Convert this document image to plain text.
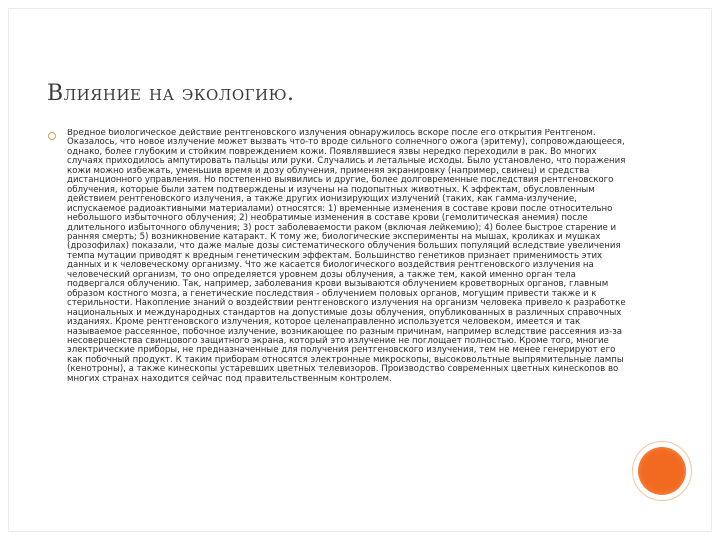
Влияние на экологию.

Вредное биологическое действие рентгеновского излучения обнаружилось вскоре после его открытия Рентгеном. Оказалось, что новое излучение может вызвать что-то вроде сильного солнечного ожога (эритему), сопровождающееся, однако, более глубоким и стойким повреждением кожи. Появлявшиеся язвы нередко переходили в рак. Во многих случаях приходилось ампутировать пальцы или руки. Случались и летальные исходы. Было установлено, что поражения кожи можно избежать, уменьшив время и дозу облучения, применяя экранировку (например, свинец) и средства дистанционного управления. Но постепенно выявились и другие, более долговременные последствия рентгеновского облучения, которые были затем подтверждены и изучены на подопытных животных. К эффектам, обусловленным действием рентгеновского излучения, а также других ионизирующих излучений (таких, как гамма-излучение, испускаемое радиоактивными материалами) относятся: 1) временные изменения в составе крови после относительно небольшого избыточного облучения; 2) необратимые изменения в составе крови (гемолитическая анемия) после длительного избыточного облучения; 3) рост заболеваемости раком (включая лейкемию); 4) более быстрое старение и ранняя смерть; 5) возникновение катаракт. К тому же, биологические эксперименты на мышах, кроликах и мушках (дрозофилах) показали, что даже малые дозы систематического облучения больших популяций вследствие увеличения темпа мутации приводят к вредным генетическим эффектам. Большинство генетиков признает применимость этих данных и к человеческому организму. Что же касается биологического воздействия рентгеновского излучения на человеческий организм, то оно определяется уровнем дозы облучения, а также тем, какой именно орган тела подвергался облучению. Так, например, заболевания крови вызываются облучением кроветворных органов, главным образом костного мозга, а генетические последствия - облучением половых органов, могущим привести также и к стерильности. Накопление знаний о воздействии рентгеновского излучения на организм человека привело к разработке национальных и международных стандартов на допустимые дозы облучения, опубликованных в различных справочных изданиях. Кроме рентгеновского излучения, которое целенаправленно используется человеком, имеется и так называемое рассеянное, побочное излучение, возникающее по разным причинам, например вследствие рассеяния из-за несовершенства свинцового защитного экрана, который это излучение не поглощает полностью. Кроме того, многие электрические приборы, не предназначенные для получения рентгеновского излучения, тем не менее генерируют его как побочный продукт. К таким приборам относятся электронные микроскопы, высоковольтные выпрямительные лампы (кенотроны), а также кинескопы устаревших цветных телевизоров. Производство современных цветных кинескопов во многих странах находится сейчас под правительственным контролем.
